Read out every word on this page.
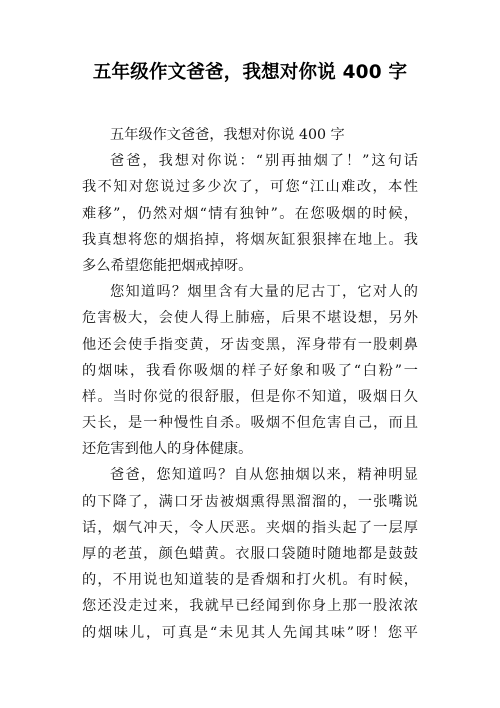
五年级作文爸爸，我想对你说 400 字
五年级作文爸爸，我想对你说 400 字
爸爸，我想对你说：“别再抽烟了！”这句话
我不知对您说过多少次了，可您“江山难改，本性
难移”，仍然对烟“情有独钟”。在您吸烟的时候，
我真想将您的烟掐掉，将烟灰缸狠狠摔在地上。我
多么希望您能把烟戒掉呀。
您知道吗？烟里含有大量的尼古丁，它对人的
危害极大，会使人得上肺癌，后果不堪设想，另外
他还会使手指变黄，牙齿变黑，浑身带有一股刺鼻
的烟味，我看你吸烟的样子好象和吸了“白粉”一
样。当时你觉的很舒服，但是你不知道，吸烟日久
天长，是一种慢性自杀。吸烟不但危害自己，而且
还危害到他人的身体健康。
爸爸，您知道吗？自从您抽烟以来，精神明显
的下降了，满口牙齿被烟熏得黑溜溜的，一张嘴说
话，烟气冲天，令人厌恶。夹烟的指头起了一层厚
厚的老茧，颜色蜡黄。衣服口袋随时随地都是鼓鼓
的，不用说也知道装的是香烟和打火机。有时候，
您还没走过来，我就早已经闻到你身上那一股浓浓
的烟味儿，可真是“未见其人先闻其味”呀！您平
